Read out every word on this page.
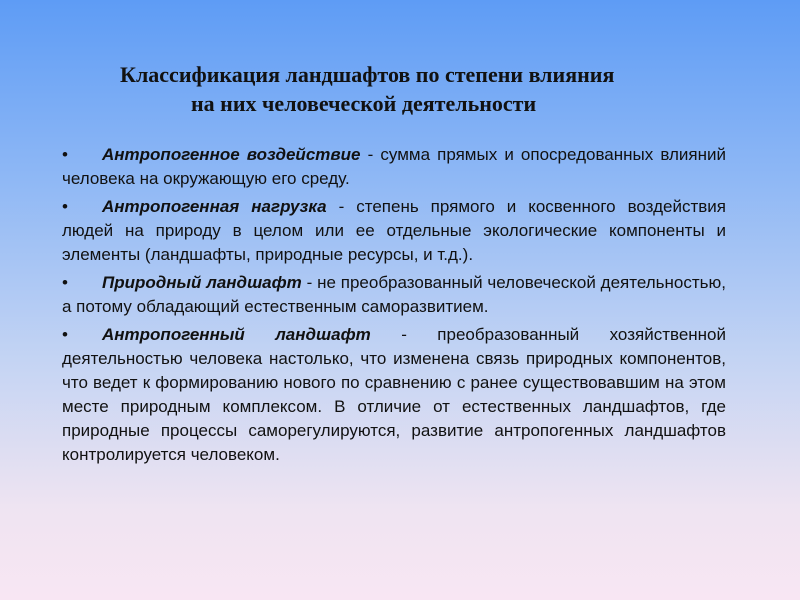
Классификация ландшафтов по степени влияния
на них человеческой деятельности

• Антропогенное воздействие - сумма прямых и опосредованных влияний человека на окружающую его среду.

• Антропогенная нагрузка - степень прямого и косвенного воздействия людей на природу в целом или ее отдельные экологические компоненты и элементы (ландшафты, природные ресурсы, и т.д.).

• Природный ландшафт - не преобразованный человеческой деятельностью, а потому обладающий естественным саморазвитием.

• Антропогенный ландшафт - преобразованный хозяйственной деятельностью человека настолько, что изменена связь природных компонентов, что ведет к формированию нового по сравнению с ранее существовавшим на этом месте природным комплексом. В отличие от естественных ландшафтов, где природные процессы саморегулируются, развитие антропогенных ландшафтов контролируется человеком.
